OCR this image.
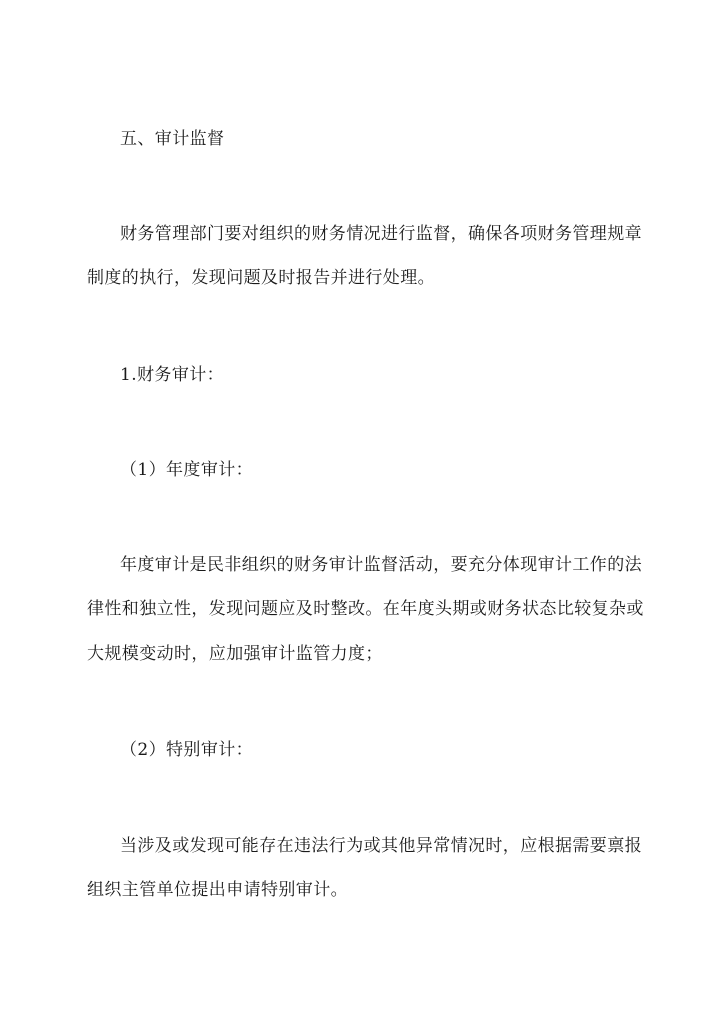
五、审计监督
财务管理部门要对组织的财务情况进行监督，确保各项财务管理规章
制度的执行，发现问题及时报告并进行处理。
1.财务审计：
（1）年度审计：
年度审计是民非组织的财务审计监督活动，要充分体现审计工作的法
律性和独立性，发现问题应及时整改。在年度头期或财务状态比较复杂或
大规模变动时，应加强审计监管力度；
（2）特别审计：
当涉及或发现可能存在违法行为或其他异常情况时，应根据需要禀报
组织主管单位提出申请特别审计。
